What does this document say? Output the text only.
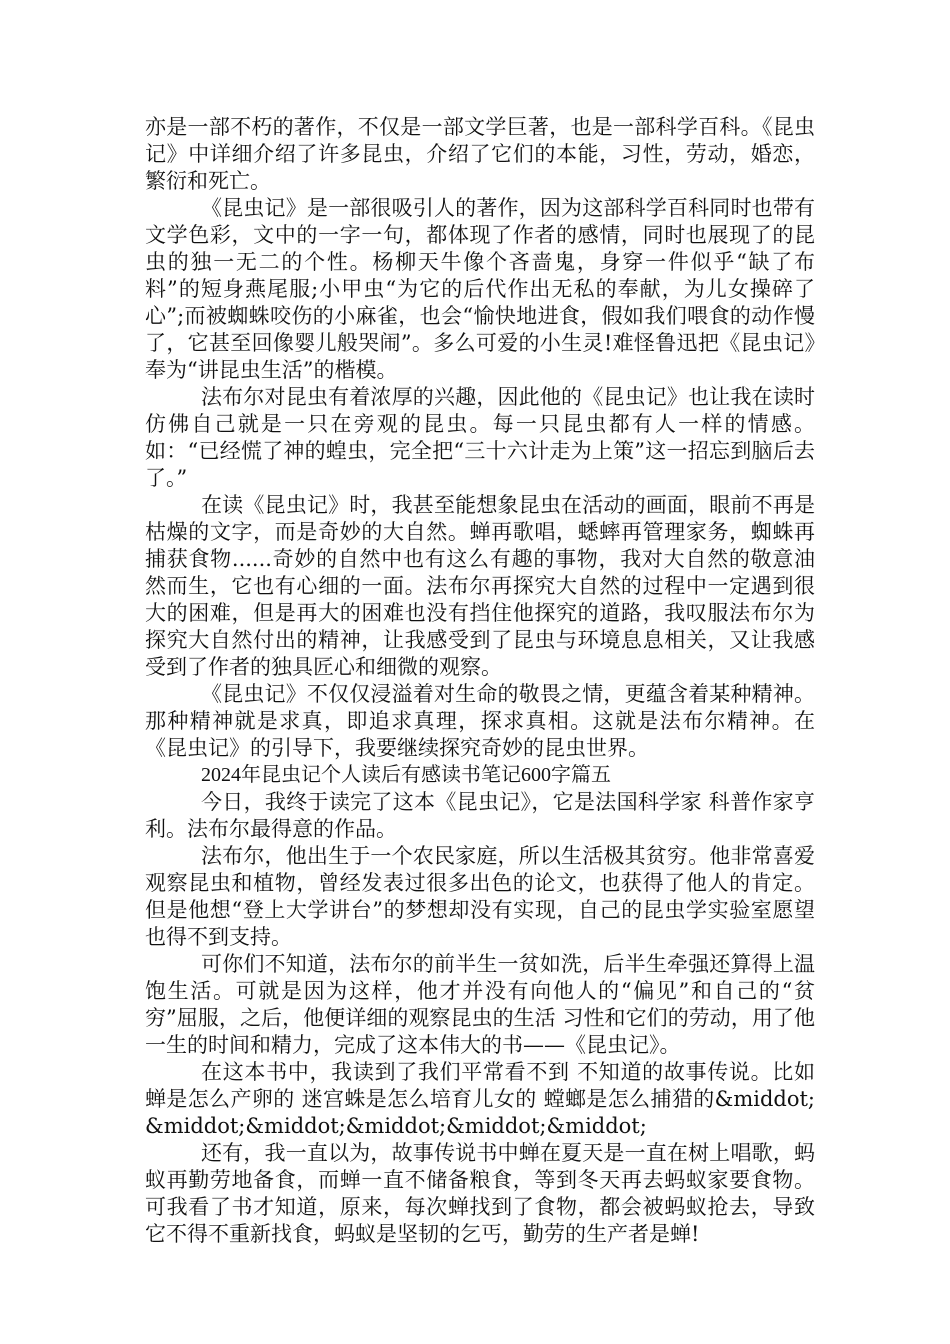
亦是一部不朽的著作，不仅是一部文学巨著，也是一部科学百科。《昆虫记》中详细介绍了许多昆虫，介绍了它们的本能，习性，劳动，婚恋，繁衍和死亡。

《昆虫记》是一部很吸引人的著作，因为这部科学百科同时也带有文学色彩，文中的一字一句，都体现了作者的感情，同时也展现了的昆虫的独一无二的个性。杨柳天牛像个吝啬鬼，身穿一件似乎“缺了布料”的短身燕尾服;小甲虫“为它的后代作出无私的奉献，为儿女操碎了心”;而被蜘蛛咬伤的小麻雀，也会“愉快地进食，假如我们喂食的动作慢了，它甚至回像婴儿般哭闹”。多么可爱的小生灵!难怪鲁迅把《昆虫记》奉为“讲昆虫生活”的楷模。

法布尔对昆虫有着浓厚的兴趣，因此他的《昆虫记》也让我在读时仿佛自己就是一只在旁观的昆虫。每一只昆虫都有人一样的情感。如：“已经慌了神的蝗虫，完全把“三十六计走为上策”这一招忘到脑后去了。”

在读《昆虫记》时，我甚至能想象昆虫在活动的画面，眼前不再是枯燥的文字，而是奇妙的大自然。蝉再歌唱，蟋蟀再管理家务，蜘蛛再捕获食物......奇妙的自然中也有这么有趣的事物，我对大自然的敬意油然而生，它也有心细的一面。法布尔再探究大自然的过程中一定遇到很大的困难，但是再大的困难也没有挡住他探究的道路，我叹服法布尔为探究大自然付出的精神，让我感受到了昆虫与环境息息相关，又让我感受到了作者的独具匠心和细微的观察。

《昆虫记》不仅仅浸溢着对生命的敬畏之情，更蕴含着某种精神。那种精神就是求真，即追求真理，探求真相。这就是法布尔精神。在《昆虫记》的引导下，我要继续探究奇妙的昆虫世界。

2024年昆虫记个人读后有感读书笔记600字篇五

今日，我终于读完了这本《昆虫记》，它是法国科学家 科普作家亨利。法布尔最得意的作品。

法布尔，他出生于一个农民家庭，所以生活极其贫穷。他非常喜爱观察昆虫和植物，曾经发表过很多出色的论文，也获得了他人的肯定。但是他想“登上大学讲台”的梦想却没有实现，自己的昆虫学实验室愿望也得不到支持。

可你们不知道，法布尔的前半生一贫如洗，后半生牵强还算得上温饱生活。可就是因为这样，他才并没有向他人的“偏见”和自己的“贫穷”屈服，之后，他便详细的观察昆虫的生活 习性和它们的劳动，用了他一生的时间和精力，完成了这本伟大的书——《昆虫记》。

在这本书中，我读到了我们平常看不到 不知道的故事传说。比如蝉是怎么产卵的 迷宫蛛是怎么培育儿女的 螳螂是怎么捕猎的&middot;&middot;&middot;&middot;&middot;&middot;

还有，我一直以为，故事传说书中蝉在夏天是一直在树上唱歌，蚂蚁再勤劳地备食，而蝉一直不储备粮食，等到冬天再去蚂蚁家要食物。可我看了书才知道，原来，每次蝉找到了食物，都会被蚂蚁抢去，导致它不得不重新找食，蚂蚁是坚韧的乞丐，勤劳的生产者是蝉!
